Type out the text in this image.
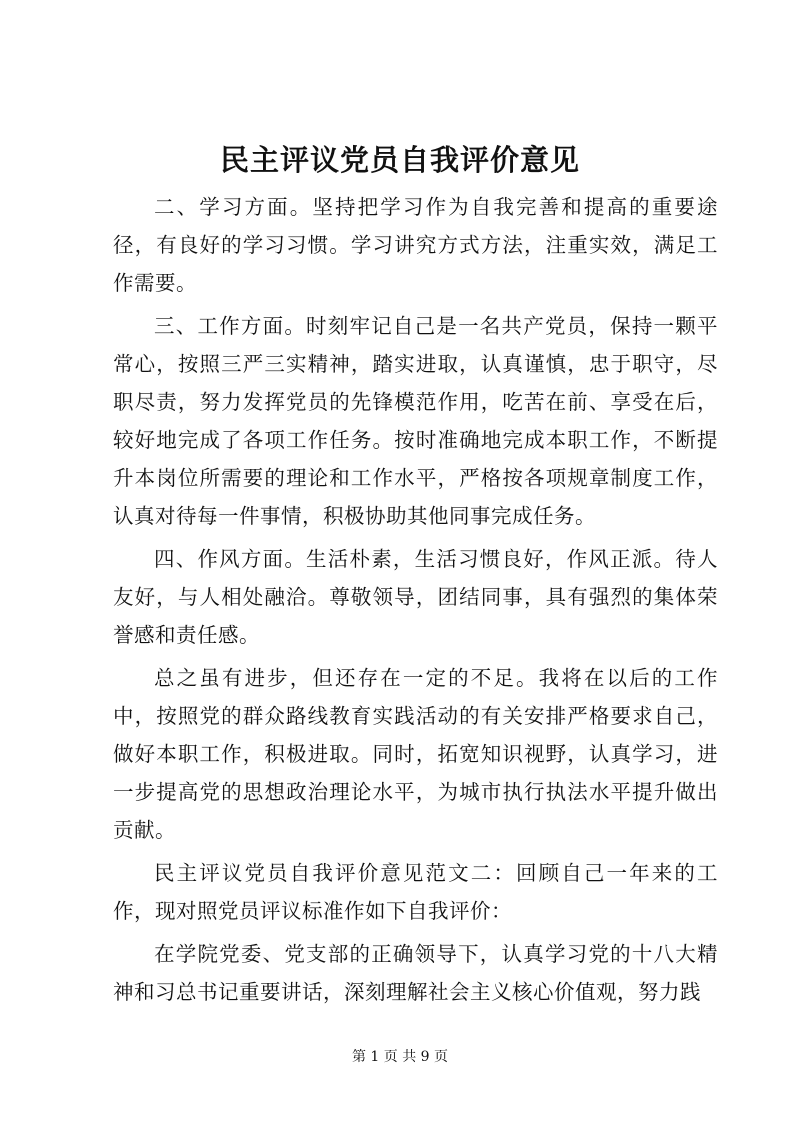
民主评议党员自我评价意见

二、学习方面。坚持把学习作为自我完善和提高的重要途径，有良好的学习习惯。学习讲究方式方法，注重实效，满足工作需要。

三、工作方面。时刻牢记自己是一名共产党员，保持一颗平常心，按照三严三实精神，踏实进取，认真谨慎，忠于职守，尽职尽责，努力发挥党员的先锋模范作用，吃苦在前、享受在后，较好地完成了各项工作任务。按时准确地完成本职工作，不断提升本岗位所需要的理论和工作水平，严格按各项规章制度工作，认真对待每一件事情，积极协助其他同事完成任务。

四、作风方面。生活朴素，生活习惯良好，作风正派。待人友好，与人相处融洽。尊敬领导，团结同事，具有强烈的集体荣誉感和责任感。

总之虽有进步，但还存在一定的不足。我将在以后的工作中，按照党的群众路线教育实践活动的有关安排严格要求自己，做好本职工作，积极进取。同时，拓宽知识视野，认真学习，进一步提高党的思想政治理论水平，为城市执行执法水平提升做出贡献。

民主评议党员自我评价意见范文二：回顾自己一年来的工作，现对照党员评议标准作如下自我评价：

在学院党委、党支部的正确领导下，认真学习党的十八大精神和习总书记重要讲话，深刻理解社会主义核心价值观，努力践

第 1 页 共 9 页
